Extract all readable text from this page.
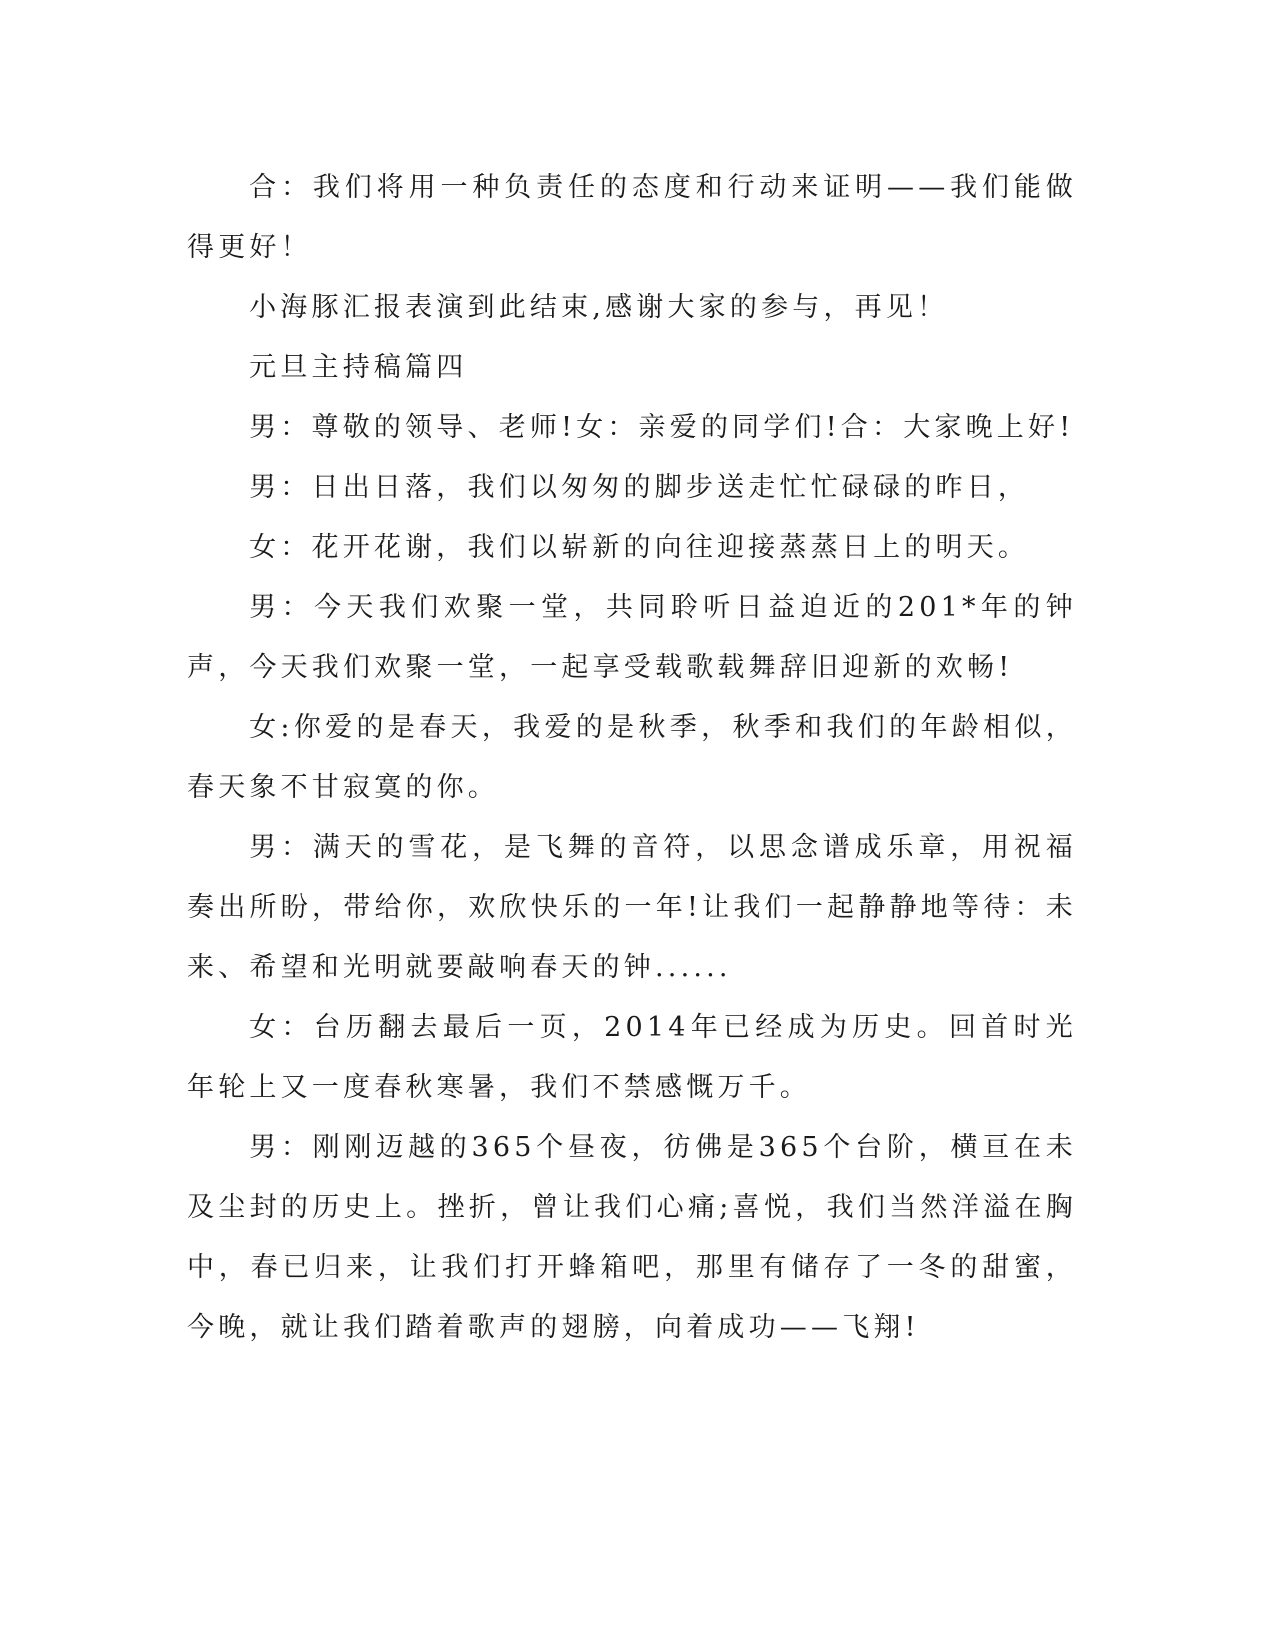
合：我们将用一种负责任的态度和行动来证明——我们能做得更好！

小海豚汇报表演到此结束,感谢大家的参与，再见！

元旦主持稿篇四

男：尊敬的领导、老师!女：亲爱的同学们!合：大家晚上好!

男：日出日落，我们以匆匆的脚步送走忙忙碌碌的昨日，

女：花开花谢，我们以崭新的向往迎接蒸蒸日上的明天。

男：今天我们欢聚一堂，共同聆听日益迫近的201*年的钟声，今天我们欢聚一堂，一起享受载歌载舞辞旧迎新的欢畅!

女:你爱的是春天，我爱的是秋季，秋季和我们的年龄相似，春天象不甘寂寞的你。

男：满天的雪花，是飞舞的音符，以思念谱成乐章，用祝福奏出所盼，带给你，欢欣快乐的一年!让我们一起静静地等待：未来、希望和光明就要敲响春天的钟......

女：台历翻去最后一页，2014年已经成为历史。回首时光年轮上又一度春秋寒暑，我们不禁感慨万千。

男：刚刚迈越的365个昼夜，彷佛是365个台阶，横亘在未及尘封的历史上。挫折，曾让我们心痛;喜悦，我们当然洋溢在胸中，春已归来，让我们打开蜂箱吧，那里有储存了一冬的甜蜜，今晚，就让我们踏着歌声的翅膀，向着成功——飞翔!
